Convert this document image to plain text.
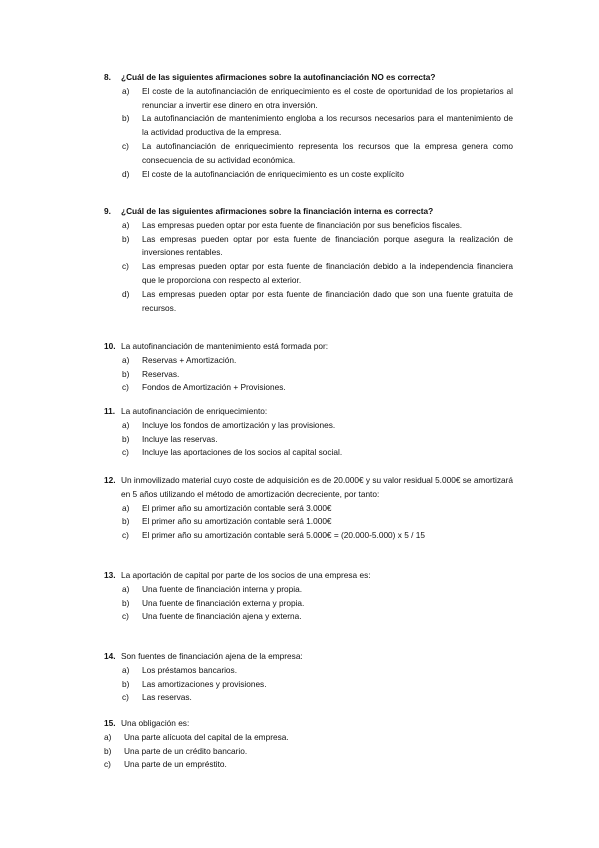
8.	¿Cuál de las siguientes afirmaciones sobre la autofinanciación NO es correcta?
a)	El coste de la autofinanciación de enriquecimiento es el coste de oportunidad de los propietarios al renunciar a invertir ese dinero en otra inversión.
b)	La autofinanciación de mantenimiento engloba a los recursos necesarios para el mantenimiento de la actividad productiva de la empresa.
c)	La autofinanciación de enriquecimiento representa los recursos que la empresa genera como consecuencia de su actividad económica.
d)	El coste de la autofinanciación de enriquecimiento es un coste explícito
9.	¿Cuál de las siguientes afirmaciones sobre la financiación interna es correcta?
a)	Las empresas pueden optar por esta fuente de financiación por sus beneficios fiscales.
b)	Las empresas pueden optar por esta fuente de financiación porque asegura la realización de inversiones rentables.
c)	Las empresas pueden optar por esta fuente de financiación debido a la independencia financiera que le proporciona con respecto al exterior.
d)	Las empresas pueden optar por esta fuente de financiación dado que son una fuente gratuita de recursos.
10. La autofinanciación de mantenimiento está formada por:
a)	Reservas + Amortización.
b)	Reservas.
c)	Fondos de Amortización + Provisiones.
11. La autofinanciación de enriquecimiento:
a)	Incluye los fondos de amortización y las provisiones.
b)	Incluye las reservas.
c)	Incluye las aportaciones de los socios al capital social.
12. Un inmovilizado material cuyo coste de adquisición es de 20.000€ y su valor residual 5.000€ se amortizará en 5 años utilizando el método de amortización decreciente, por tanto:
a)	El primer año su amortización contable será 3.000€
b)	El primer año su amortización contable será 1.000€
c)	El primer año su amortización contable será 5.000€ = (20.000-5.000) x 5 / 15
13. La aportación de capital por parte de los socios de una empresa es:
a)	Una fuente de financiación interna y propia.
b)	Una fuente de financiación externa y propia.
c)	Una fuente de financiación ajena y externa.
14. Son fuentes de financiación ajena de la empresa:
a)	Los préstamos bancarios.
b)	Las amortizaciones y provisiones.
c)	Las reservas.
15. Una obligación es:
a)	Una parte alícuota del capital de la empresa.
b)	Una parte de un crédito bancario.
c)	Una parte de un empréstito.
